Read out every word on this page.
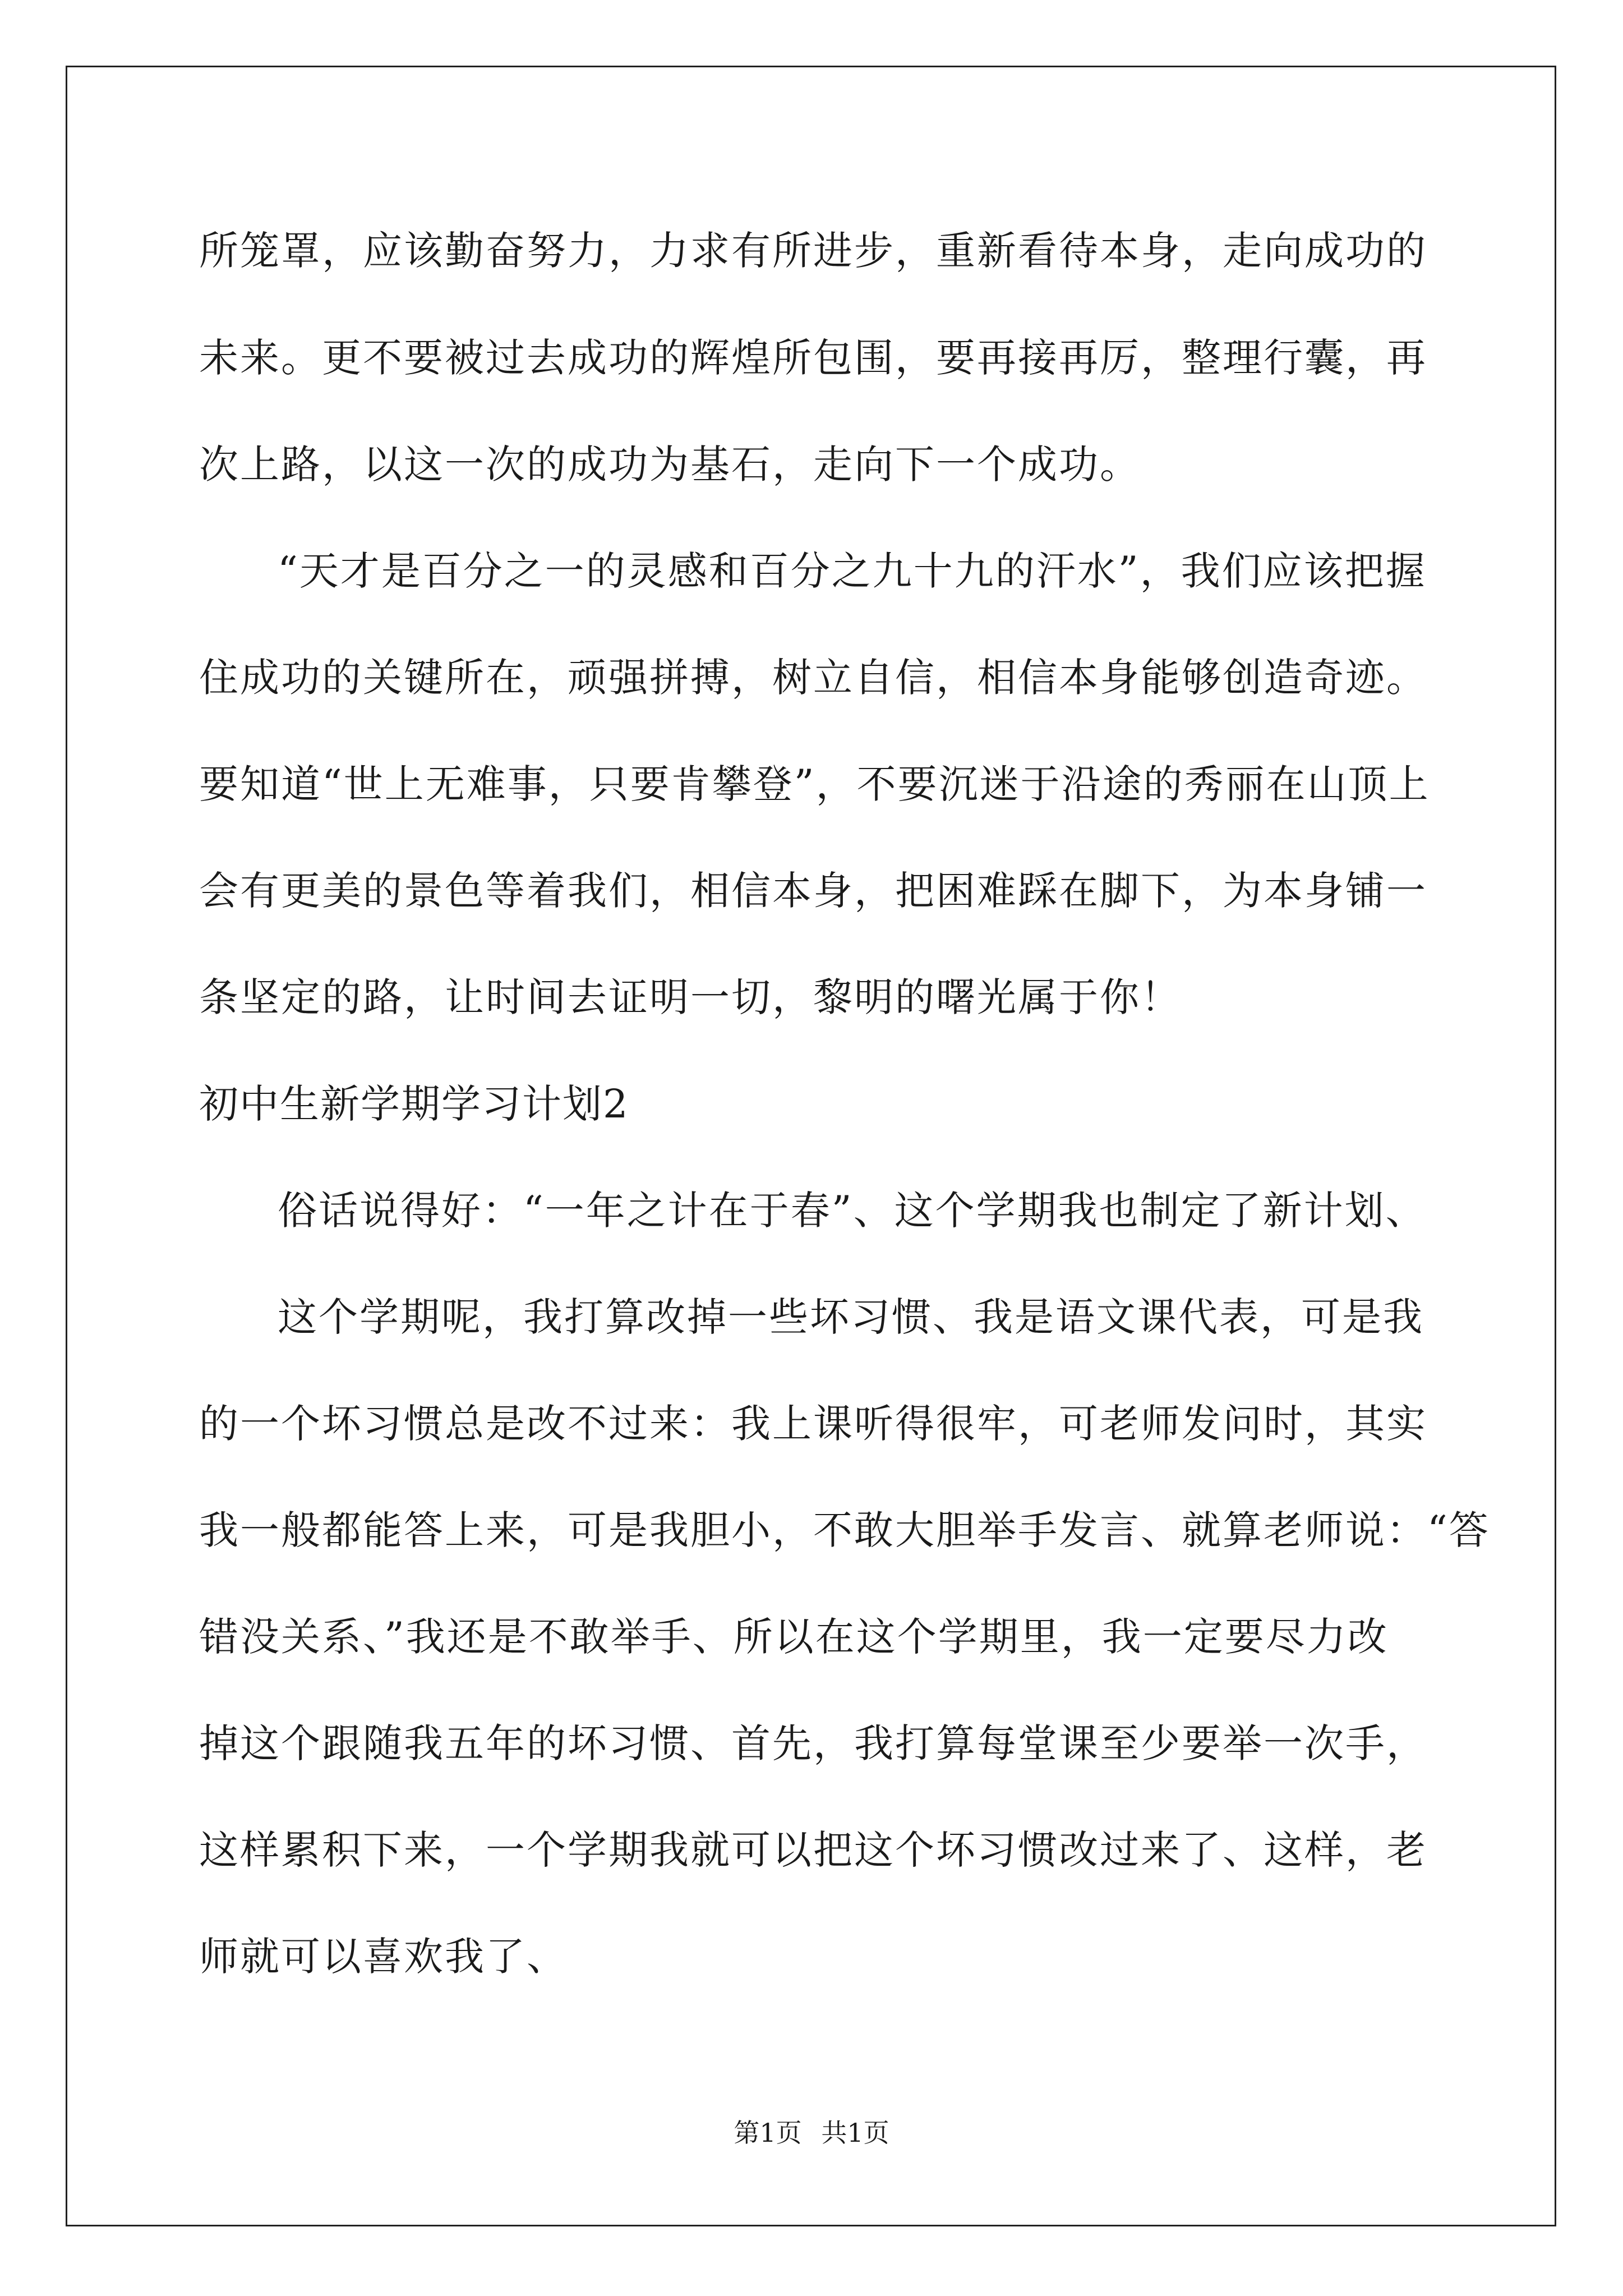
所笼罩，应该勤奋努力，力求有所进步，重新看待本身，走向成功的
未来。更不要被过去成功的辉煌所包围，要再接再厉，整理行囊，再
次上路，以这一次的成功为基石，走向下一个成功。
“天才是百分之一的灵感和百分之九十九的汗水”，我们应该把握
住成功的关键所在，顽强拼搏，树立自信，相信本身能够创造奇迹。
要知道“世上无难事，只要肯攀登”，不要沉迷于沿途的秀丽在山顶上
会有更美的景色等着我们，相信本身，把困难踩在脚下，为本身铺一
条坚定的路，让时间去证明一切，黎明的曙光属于你！
初中生新学期学习计划2
俗话说得好：“一年之计在于春”、这个学期我也制定了新计划、
这个学期呢，我打算改掉一些坏习惯、我是语文课代表，可是我
的一个坏习惯总是改不过来：我上课听得很牢，可老师发问时，其实
我一般都能答上来，可是我胆小，不敢大胆举手发言、就算老师说：“答
错没关系、”我还是不敢举手、所以在这个学期里，我一定要尽力改
掉这个跟随我五年的坏习惯、首先，我打算每堂课至少要举一次手，
这样累积下来，一个学期我就可以把这个坏习惯改过来了、这样，老
师就可以喜欢我了、
第1页 共1页
